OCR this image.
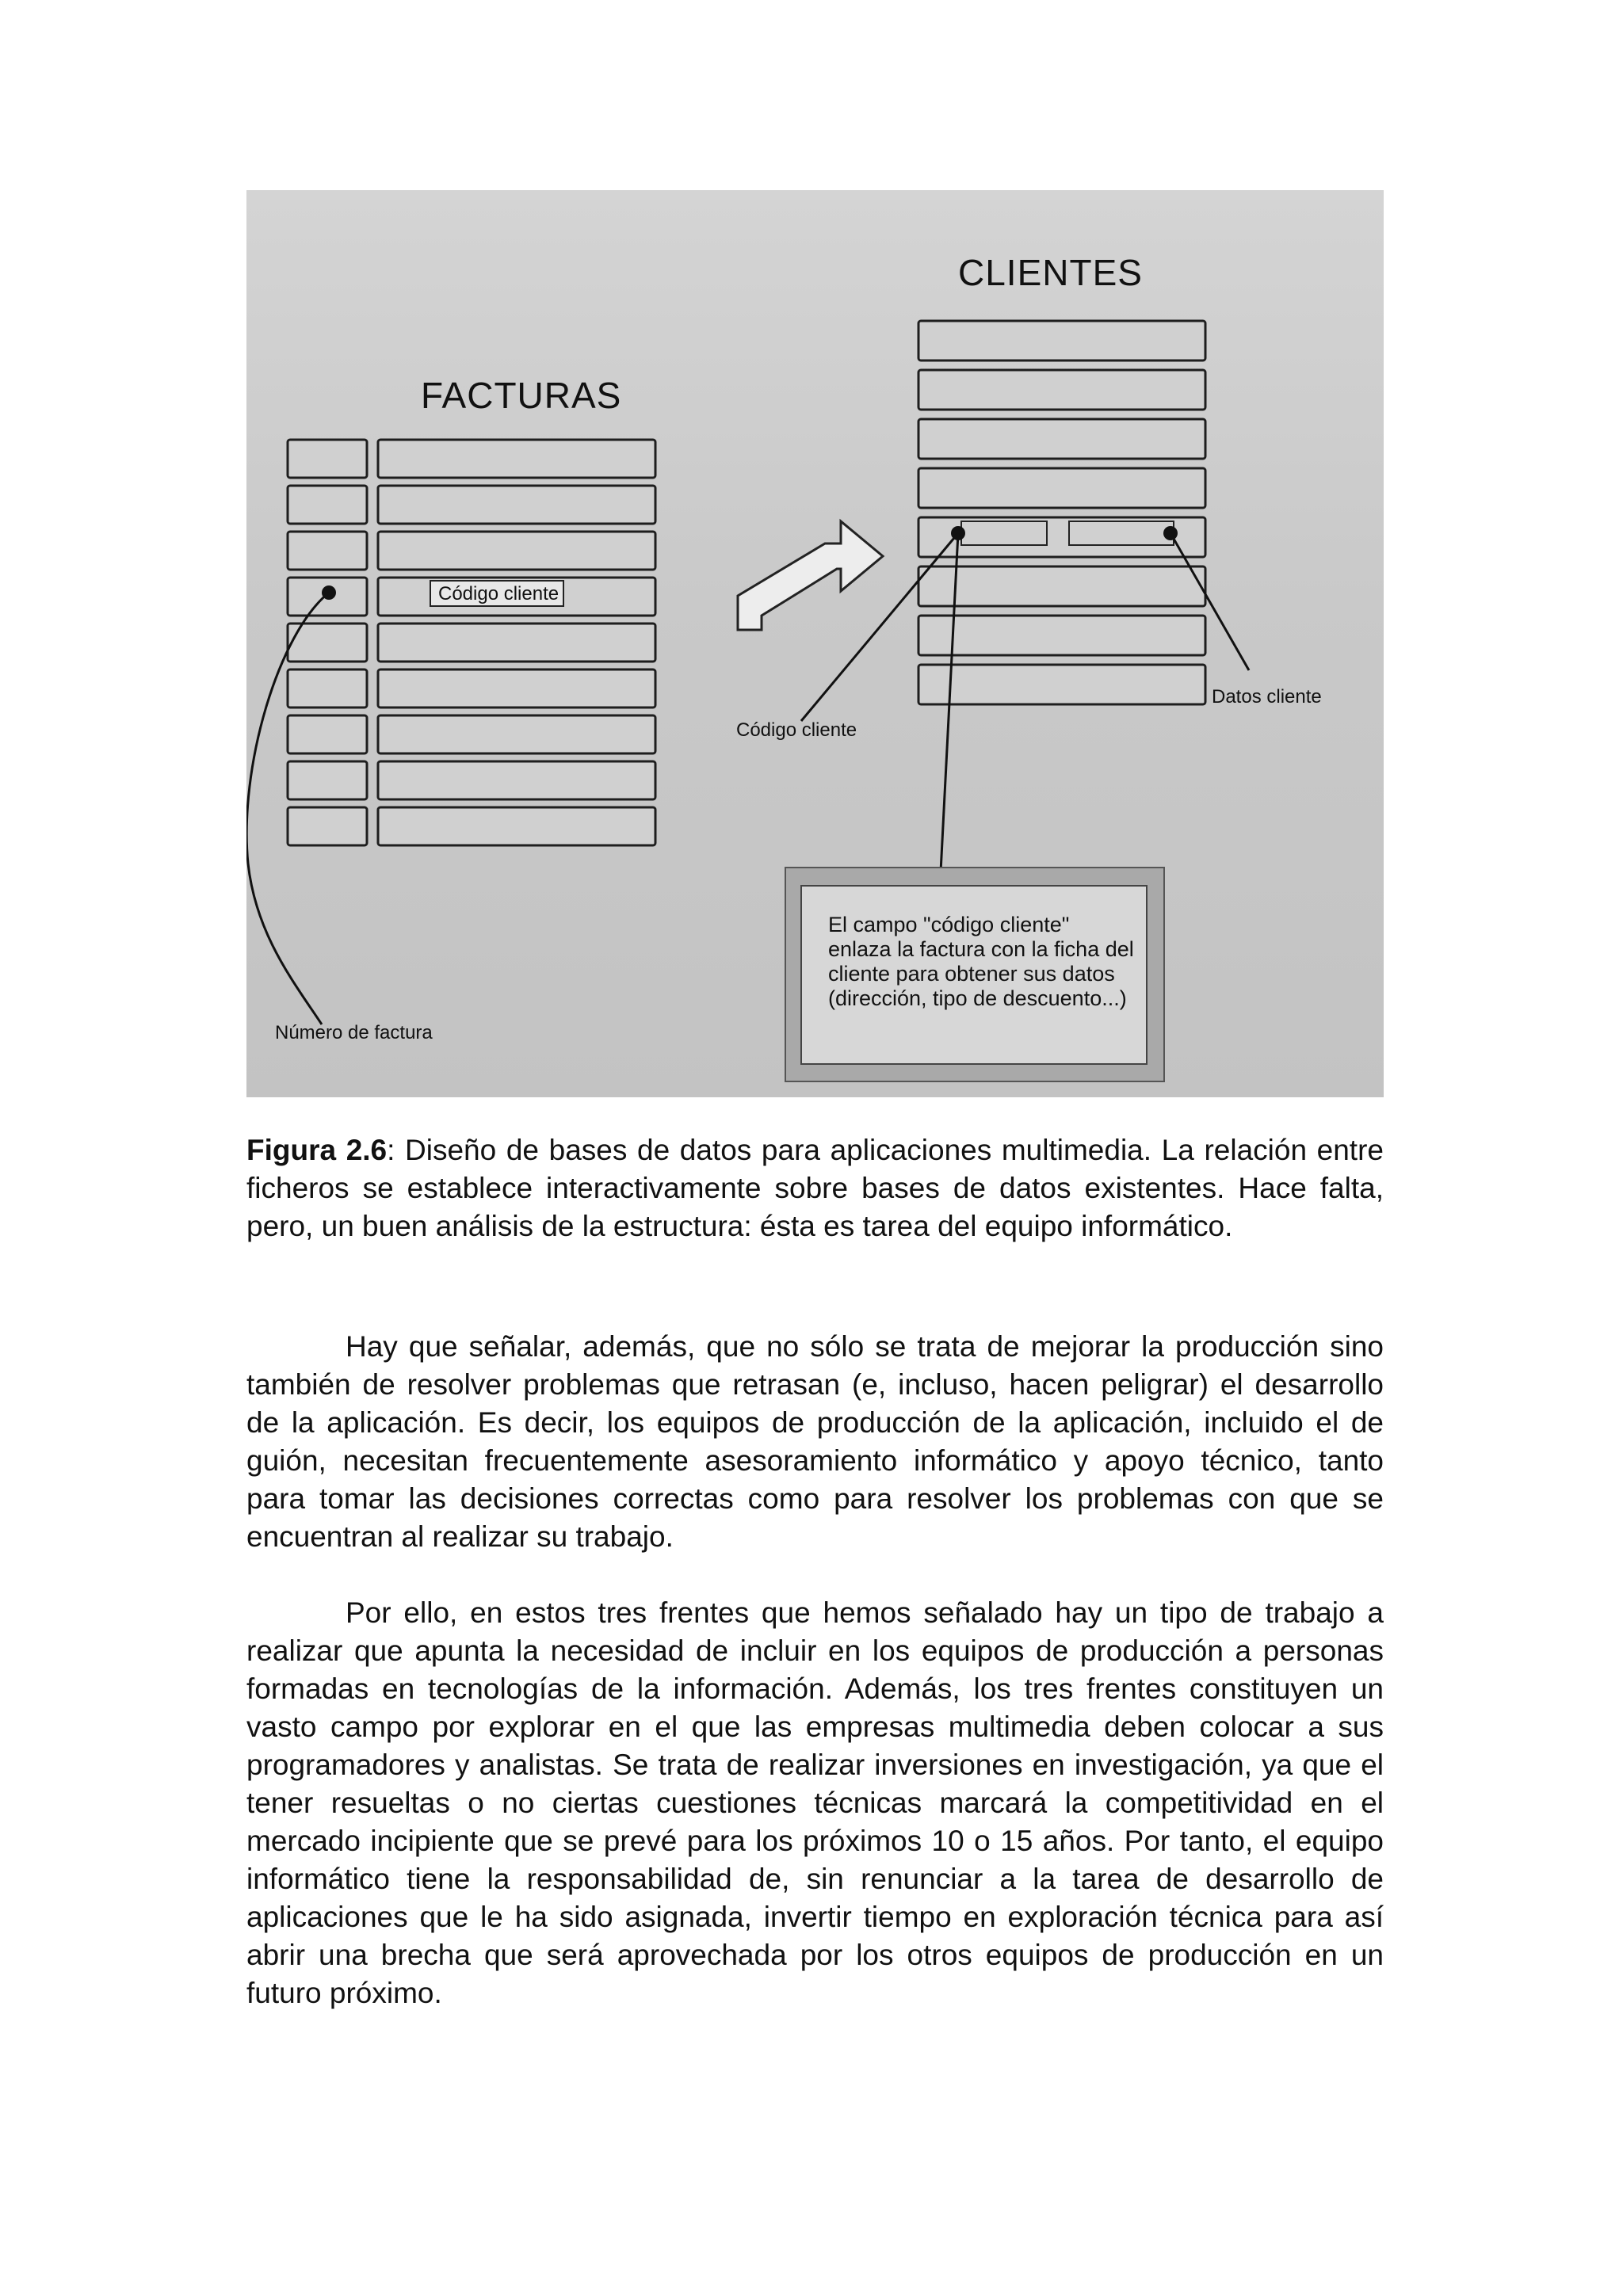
FACTURAS
CLIENTES
Código cliente
Código cliente
Datos cliente
Número de factura
El campo "código cliente" enlaza la factura con la ficha del cliente para obtener sus datos (dirección, tipo de descuento...)
Figura 2.6: Diseño de bases de datos para aplicaciones multimedia. La relación entre ficheros se establece interactivamente sobre bases de datos existentes. Hace falta, pero, un buen análisis de la estructura: ésta es tarea del equipo informático.

Hay que señalar, además, que no sólo se trata de mejorar la producción sino también de resolver problemas que retrasan (e, incluso, hacen peligrar) el desarrollo de la aplicación. Es decir, los equipos de producción de la aplicación, incluido el de guión, necesitan frecuentemente asesoramiento informático y apoyo técnico, tanto para tomar las decisiones correctas como para resolver los problemas con que se encuentran al realizar su trabajo.

Por ello, en estos tres frentes que hemos señalado hay un tipo de trabajo a realizar que apunta la necesidad de incluir en los equipos de producción a personas formadas en tecnologías de la información. Además, los tres frentes constituyen un vasto campo por explorar en el que las empresas multimedia deben colocar a sus programadores y analistas. Se trata de realizar inversiones en investigación, ya que el tener resueltas o no ciertas cuestiones técnicas marcará la competitividad en el mercado incipiente que se prevé para los próximos 10 o 15 años. Por tanto, el equipo informático tiene la responsabilidad de, sin renunciar a la tarea de desarrollo de aplicaciones que le ha sido asignada, invertir tiempo en exploración técnica para así abrir una brecha que será aprovechada por los otros equipos de producción en un futuro próximo.
